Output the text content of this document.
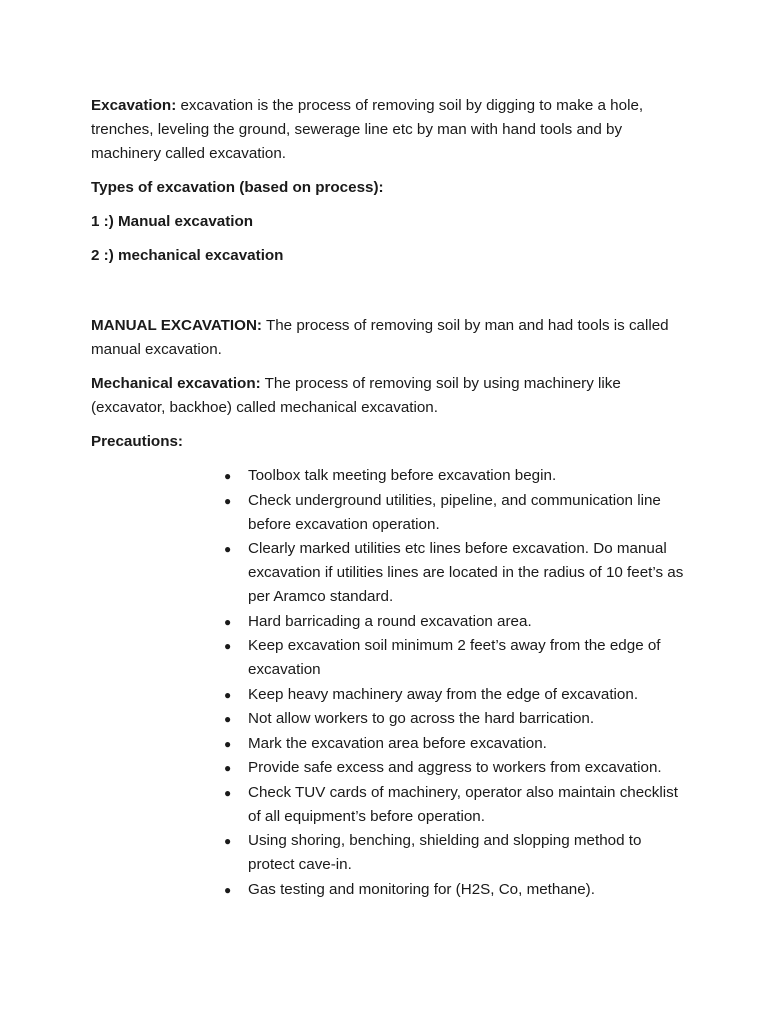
Excavation: excavation is the process of removing soil by digging to make a hole, trenches, leveling the ground, sewerage line etc by man with hand tools and by machinery called excavation.

Types of excavation (based on process):

1 :) Manual excavation

2 :) mechanical excavation

MANUAL EXCAVATION: The process of removing soil by man and had tools is called manual excavation.

Mechanical excavation: The process of removing soil by using machinery like (excavator, backhoe) called mechanical excavation.

Precautions:

● Toolbox talk meeting before excavation begin.
● Check underground utilities, pipeline, and communication line before excavation operation.
● Clearly marked utilities etc lines before excavation. Do manual excavation if utilities lines are located in the radius of 10 feet’s as per Aramco standard.
● Hard barricading a round excavation area.
● Keep excavation soil minimum 2 feet’s away from the edge of excavation
● Keep heavy machinery away from the edge of excavation.
● Not allow workers to go across the hard barrication.
● Mark the excavation area before excavation.
● Provide safe excess and aggress to workers from excavation.
● Check TUV cards of machinery, operator also maintain checklist of all equipment’s before operation.
● Using shoring, benching, shielding and slopping method to protect cave-in.
● Gas testing and monitoring for (H2S, Co, methane).
